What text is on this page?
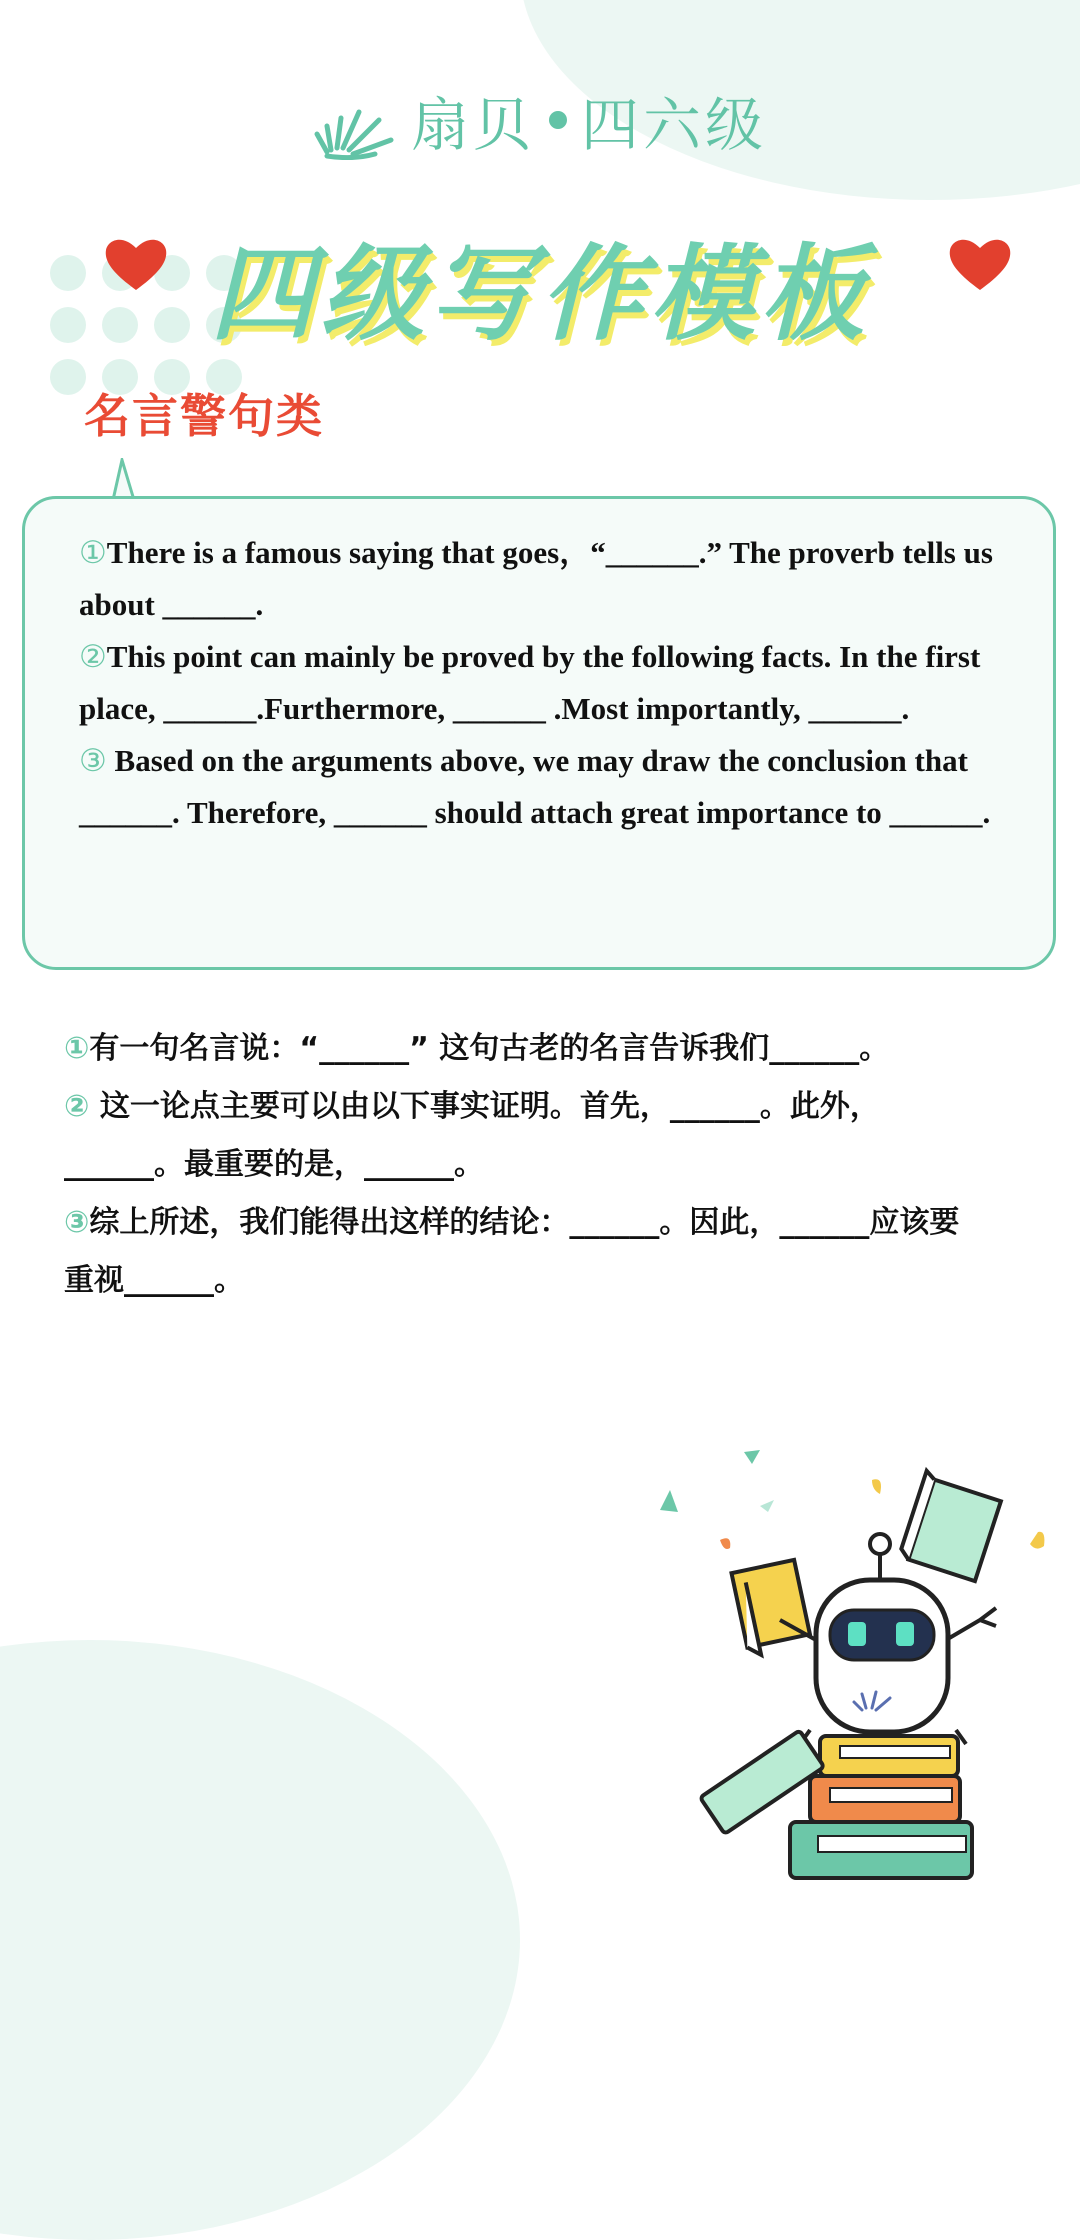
扇贝 四六级
四级写作模板
名言警句类

①There is a famous saying that goes，“______.” The proverb tells us about ______.

②This point can mainly be proved by the following facts. In the first place, ______.Furthermore, ______ .Most importantly, ______.

③ Based on the arguments above, we may draw the conclusion that ______. Therefore, ______ should attach great importance to ______.

①有一句名言说：“______” 这句古老的名言告诉我们______。

② 这一论点主要可以由以下事实证明。首先，______。此外，______。最重要的是，______。

③综上所述，我们能得出这样的结论：______。因此，______应该要重视______。
